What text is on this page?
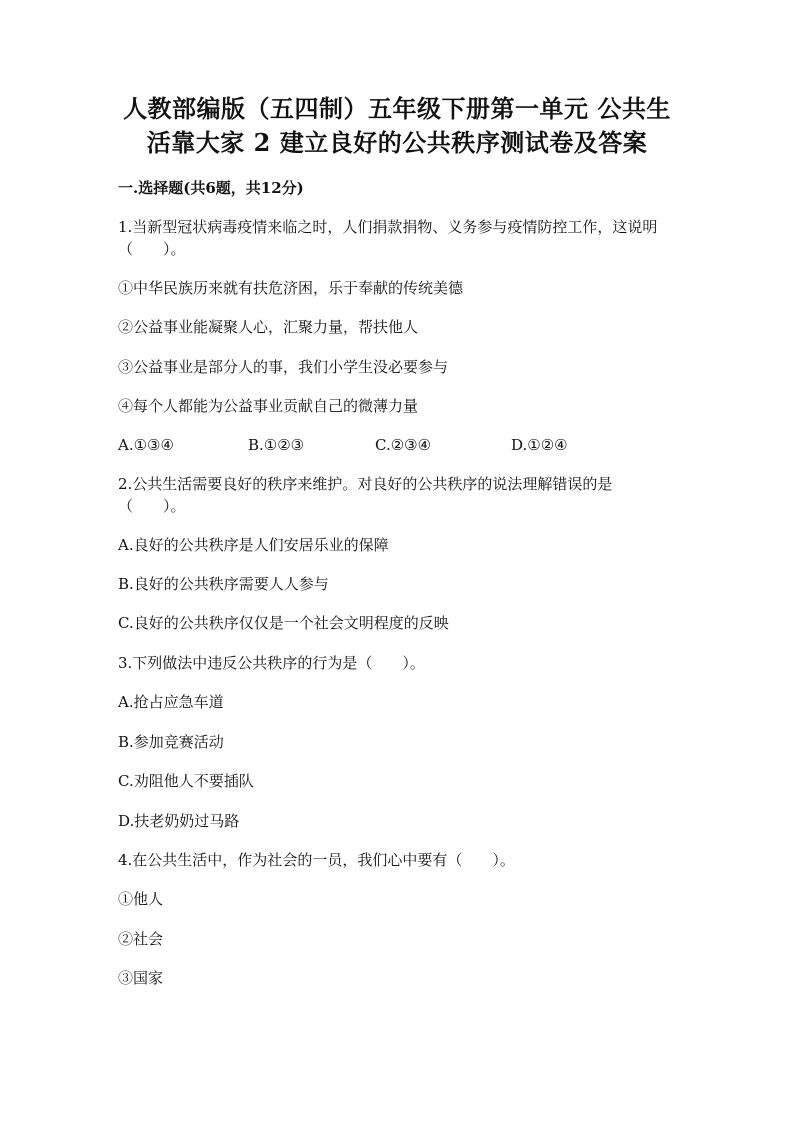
人教部编版（五四制）五年级下册第一单元 公共生
活靠大家 2 建立良好的公共秩序测试卷及答案
一.选择题(共6题，共12分)
1.当新型冠状病毒疫情来临之时，人们捐款捐物、义务参与疫情防控工作，这说明（　　）。
①中华民族历来就有扶危济困，乐于奉献的传统美德
②公益事业能凝聚人心，汇聚力量，帮扶他人
③公益事业是部分人的事，我们小学生没必要参与
④每个人都能为公益事业贡献自己的微薄力量
A.①③④	B.①②③	C.②③④	D.①②④
2.公共生活需要良好的秩序来维护。对良好的公共秩序的说法理解错误的是（　　）。
A.良好的公共秩序是人们安居乐业的保障
B.良好的公共秩序需要人人参与
C.良好的公共秩序仅仅是一个社会文明程度的反映
3.下列做法中违反公共秩序的行为是（　　）。
A.抢占应急车道
B.参加竞赛活动
C.劝阻他人不要插队
D.扶老奶奶过马路
4.在公共生活中，作为社会的一员，我们心中要有（　　）。
①他人
②社会
③国家
